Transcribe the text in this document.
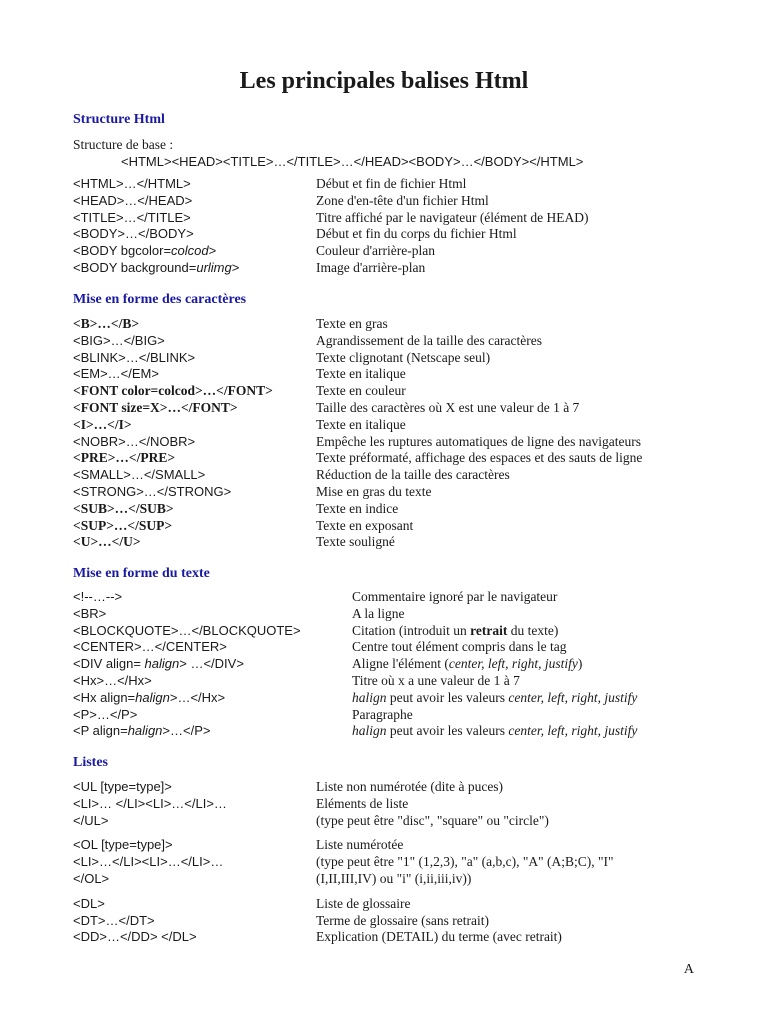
Les principales balises Html
Structure Html
Structure de base :
<HTML><HEAD><TITLE>…</TITLE>…</HEAD><BODY>…</BODY></HTML>
<HTML>…</HTML>	Début et fin de fichier Html
<HEAD>…</HEAD>	Zone d'en-tête d'un fichier Html
<TITLE>…</TITLE>	Titre affiché par le navigateur (élément de HEAD)
<BODY>…</BODY>	Début et fin du corps du fichier Html
<BODY bgcolor=colcod>	Couleur d'arrière-plan
<BODY background=urlimg>	Image d'arrière-plan
Mise en forme des caractères
<B>…</B>	Texte en gras
<BIG>…</BIG>	Agrandissement de la taille des caractères
<BLINK>…</BLINK>	Texte clignotant (Netscape seul)
<EM>…</EM>	Texte en italique
<FONT color=colcod>…</FONT>	Texte en couleur
<FONT size=X>…</FONT>	Taille des caractères où X est une valeur de 1 à 7
<I>…</I>	Texte en italique
<NOBR>…</NOBR>	Empêche les ruptures automatiques de ligne des navigateurs
<PRE>…</PRE>	Texte préformaté, affichage des espaces et des sauts de ligne
<SMALL>…</SMALL>	Réduction de la taille des caractères
<STRONG>…</STRONG>	Mise en gras du texte
<SUB>…</SUB>	Texte en indice
<SUP>…</SUP>	Texte en exposant
<U>…</U>	Texte souligné
Mise en forme du texte
<!--…-->	Commentaire ignoré par le navigateur
<BR>	A la ligne
<BLOCKQUOTE>…</BLOCKQUOTE>	Citation (introduit un retrait du texte)
<CENTER>…</CENTER>	Centre tout élément compris dans le tag
<DIV align= halign> …</DIV>	Aligne l'élément (center, left, right, justify)
<Hx>…</Hx>	Titre où x a une valeur de 1 à 7
<Hx align=halign>…</Hx>	halign peut avoir les valeurs center, left, right, justify
<P>…</P>	Paragraphe
<P align=halign>…</P>	halign peut avoir les valeurs center, left, right, justify
Listes
<UL [type=type]>	Liste non numérotée (dite à puces)
<LI>… </LI><LI>…</LI>…	Eléments de liste
</UL>	(type peut être "disc", "square" ou "circle")
<OL [type=type]>	Liste numérotée
<LI>…</LI><LI>…</LI>…	(type peut être "1" (1,2,3), "a" (a,b,c), "A" (A;B;C), "I"
</OL>	(I,II,III,IV) ou "i" (i,ii,iii,iv))
<DL>	Liste de glossaire
<DT>…</DT>	Terme de glossaire (sans retrait)
<DD>…</DD> </DL>	Explication (DETAIL) du terme (avec retrait)
A
